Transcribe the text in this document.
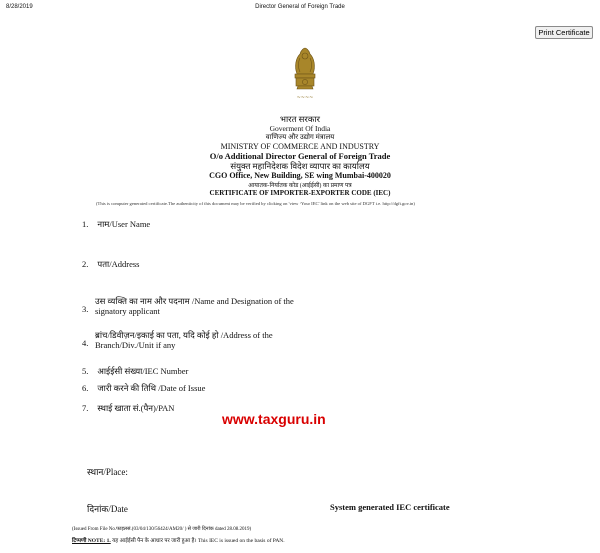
8/28/2019	Director General of Foreign Trade
Print Certificate
~~~~
भारत सरकार
Goverment Of India
वाणिज्य और उद्योग मंत्रालय
MINISTRY OF COMMERCE AND INDUSTRY
O/o Additional Director General of Foreign Trade
संयुक्त महानिदेशक विदेश व्यापार का कार्यालय
CGO Office, New Building, SE wing Mumbai-400020
आयातक-निर्यातक कोड (आईईसी) का प्रमाण पत्र
CERTIFICATE OF IMPORTER-EXPORTER CODE (IEC)
(This is computer generated certificate.The authenticity of this document may be verified by clicking on 'view ‘Your IEC' link on the web site of DGFT i.e. http://dgft.gov.in)
1. नाम/User Name
2. पता/Address
3.
उस व्यक्ति का नाम और पदनाम /Name and Designation of the
signatory applicant
4.
ब्रांच/डिवीज़न/इकाई का पता, यदि कोई हो /Address of the
Branch/Div./Unit if any
5. आईईसी संख्या/IEC Number
6. जारी करने की तिथि /Date of Issue
7. स्थाई खाता सं.(पैन)/PAN
www.taxguru.in
स्थान/Place:
दिनांक/Date	System generated IEC certificate
(Issued From File No.फाइलसं.(03/04/130/56424/AM20/ ) से जारी दिनांक dated 28.08.2019)
टिप्पणी NOTE: 1. यह आईईसी पैन के आधार पर जारी हुआ है। This IEC is issued on the basis of PAN.
